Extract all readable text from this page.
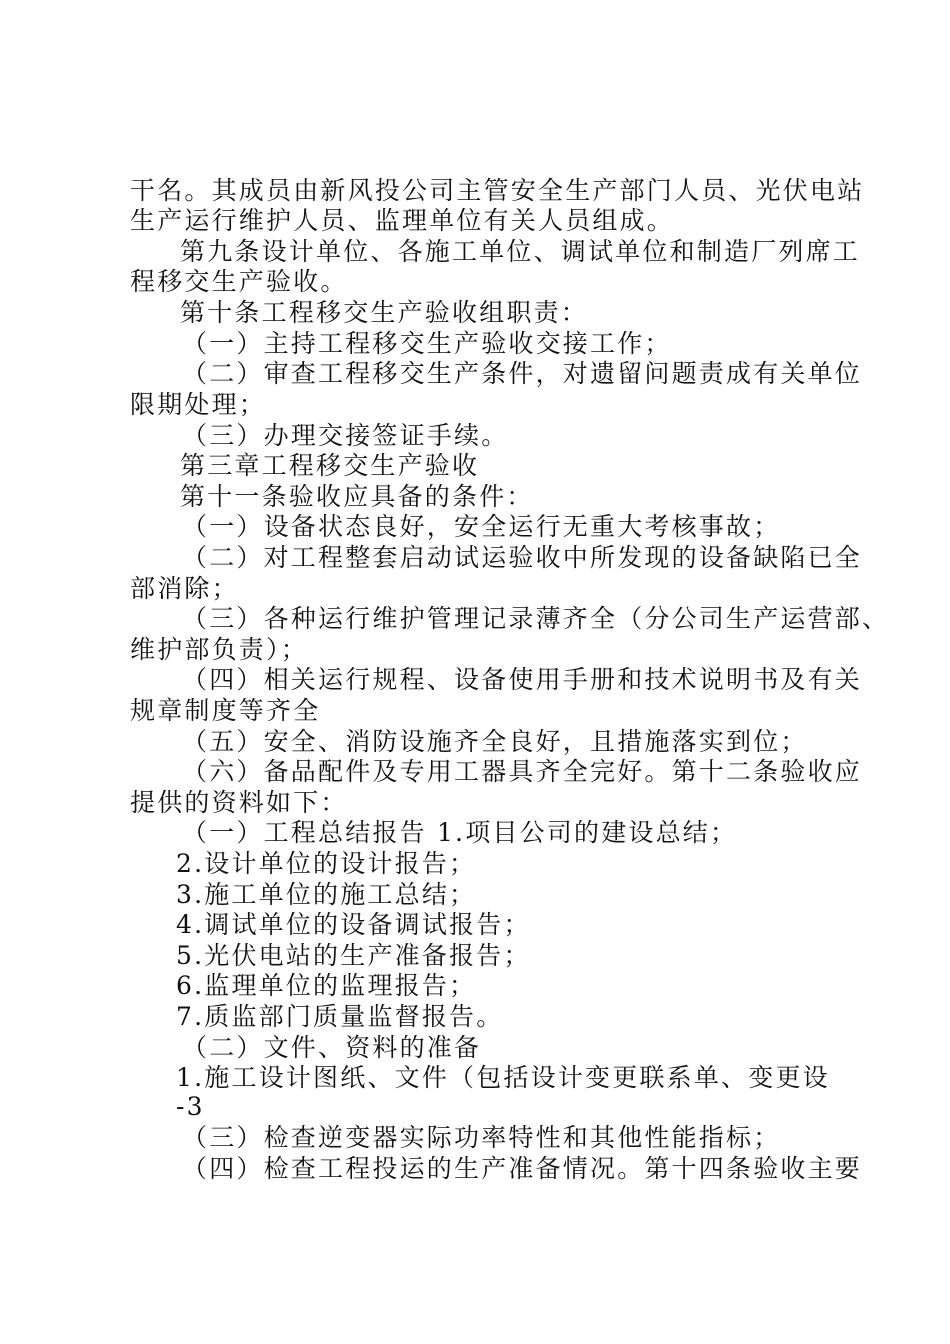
干名。其成员由新风投公司主管安全生产部门人员、光伏电站
生产运行维护人员、监理单位有关人员组成。
第九条设计单位、各施工单位、调试单位和制造厂列席工
程移交生产验收。
第十条工程移交生产验收组职责：
（一）主持工程移交生产验收交接工作；
（二）审查工程移交生产条件，对遗留问题责成有关单位
限期处理；
（三）办理交接签证手续。
第三章工程移交生产验收
第十一条验收应具备的条件：
（一）设备状态良好，安全运行无重大考核事故；
（二）对工程整套启动试运验收中所发现的设备缺陷已全
部消除；
（三）各种运行维护管理记录薄齐全（分公司生产运营部、
维护部负责）；
（四）相关运行规程、设备使用手册和技术说明书及有关
规章制度等齐全
（五）安全、消防设施齐全良好，且措施落实到位；
（六）备品配件及专用工器具齐全完好。第十二条验收应
提供的资料如下：
（一）工程总结报告 1.项目公司的建设总结；
2.设计单位的设计报告；
3.施工单位的施工总结；
4.调试单位的设备调试报告；
5.光伏电站的生产准备报告；
6.监理单位的监理报告；
7.质监部门质量监督报告。
（二）文件、资料的准备
1.施工设计图纸、文件（包括设计变更联系单、变更设
-3
（三）检查逆变器实际功率特性和其他性能指标；
（四）检查工程投运的生产准备情况。第十四条验收主要
